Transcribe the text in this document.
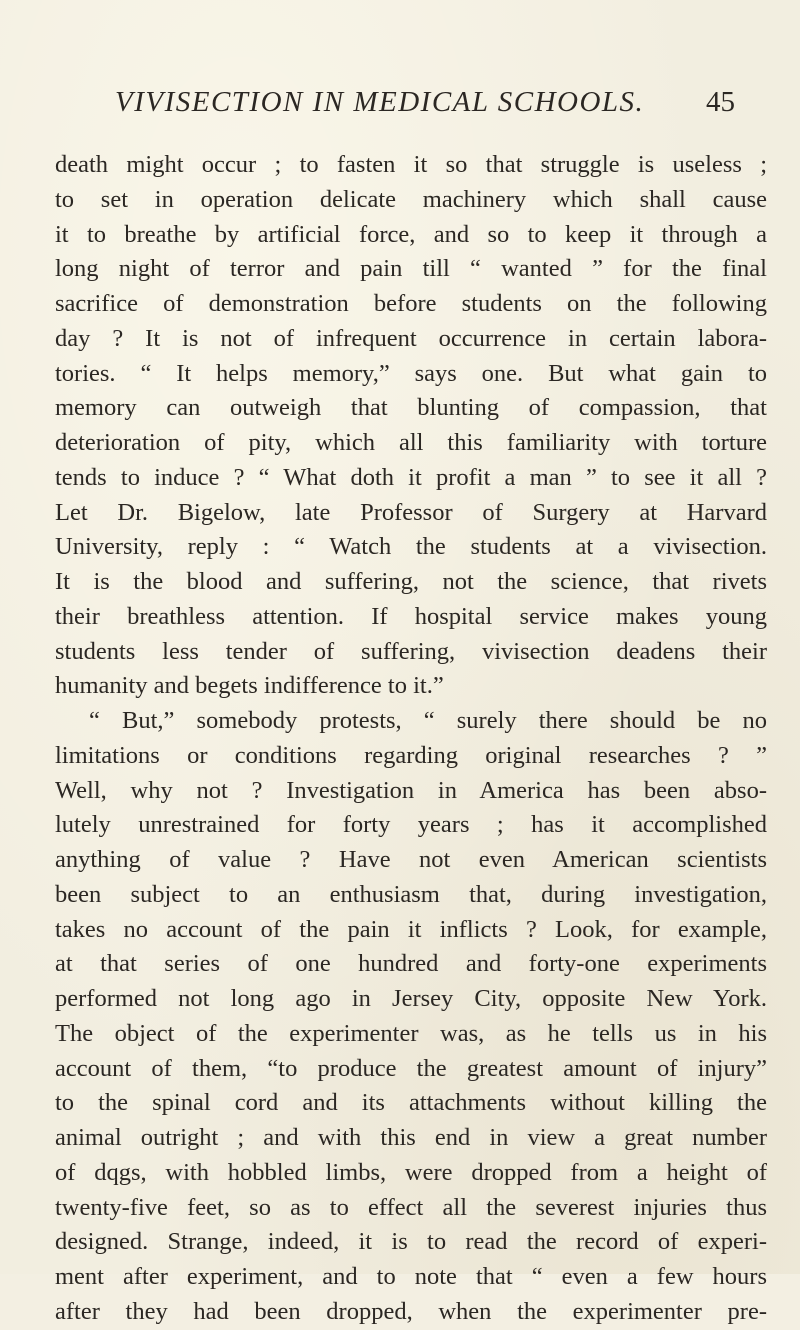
VIVISECTION IN MEDICAL SCHOOLS. 45
death might occur ; to fasten it so that struggle is useless ;
to set in operation delicate machinery which shall cause
it to breathe by artificial force, and so to keep it through a
long night of terror and pain till “ wanted ” for the final
sacrifice of demonstration before students on the following
day ? It is not of infrequent occurrence in certain labora-
tories. “ It helps memory,” says one. But what gain to
memory can outweigh that blunting of compassion, that
deterioration of pity, which all this familiarity with torture
tends to induce ? “ What doth it profit a man ” to see it all ?
Let Dr. Bigelow, late Professor of Surgery at Harvard
University, reply : “ Watch the students at a vivisection.
It is the blood and suffering, not the science, that rivets
their breathless attention. If hospital service makes young
students less tender of suffering, vivisection deadens their
humanity and begets indifference to it.”
“ But,” somebody protests, “ surely there should be no
limitations or conditions regarding original researches ? ”
Well, why not ? Investigation in America has been abso-
lutely unrestrained for forty years ; has it accomplished
anything of value ? Have not even American scientists
been subject to an enthusiasm that, during investigation,
takes no account of the pain it inflicts ? Look, for example,
at that series of one hundred and forty-one experiments
performed not long ago in Jersey City, opposite New York.
The object of the experimenter was, as he tells us in his
account of them, “to produce the greatest amount of injury”
to the spinal cord and its attachments without killing the
animal outright ; and with this end in view a great number
of dqgs, with hobbled limbs, were dropped from a height of
twenty-five feet, so as to effect all the severest injuries thus
designed. Strange, indeed, it is to read the record of experi-
ment after experiment, and to note that “ even a few hours
after they had been dropped, when the experimenter pre-
